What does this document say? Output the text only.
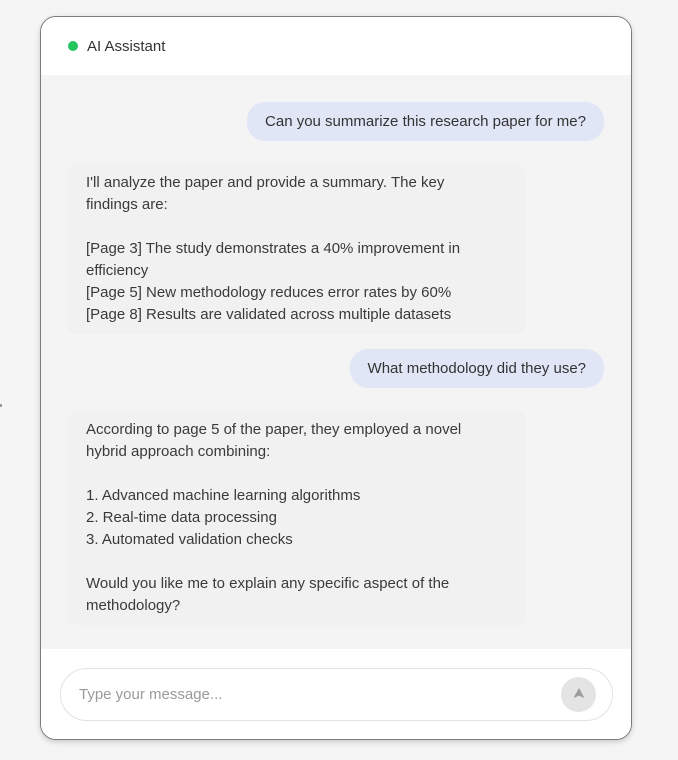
AI Assistant
Can you summarize this research paper for me?
I'll analyze the paper and provide a summary. The key
findings are:

[Page 3] The study demonstrates a 40% improvement in
efficiency
[Page 5] New methodology reduces error rates by 60%
[Page 8] Results are validated across multiple datasets
What methodology did they use?
According to page 5 of the paper, they employed a novel
hybrid approach combining:

1. Advanced machine learning algorithms
2. Real-time data processing
3. Automated validation checks

Would you like me to explain any specific aspect of the
methodology?
Type your message...
